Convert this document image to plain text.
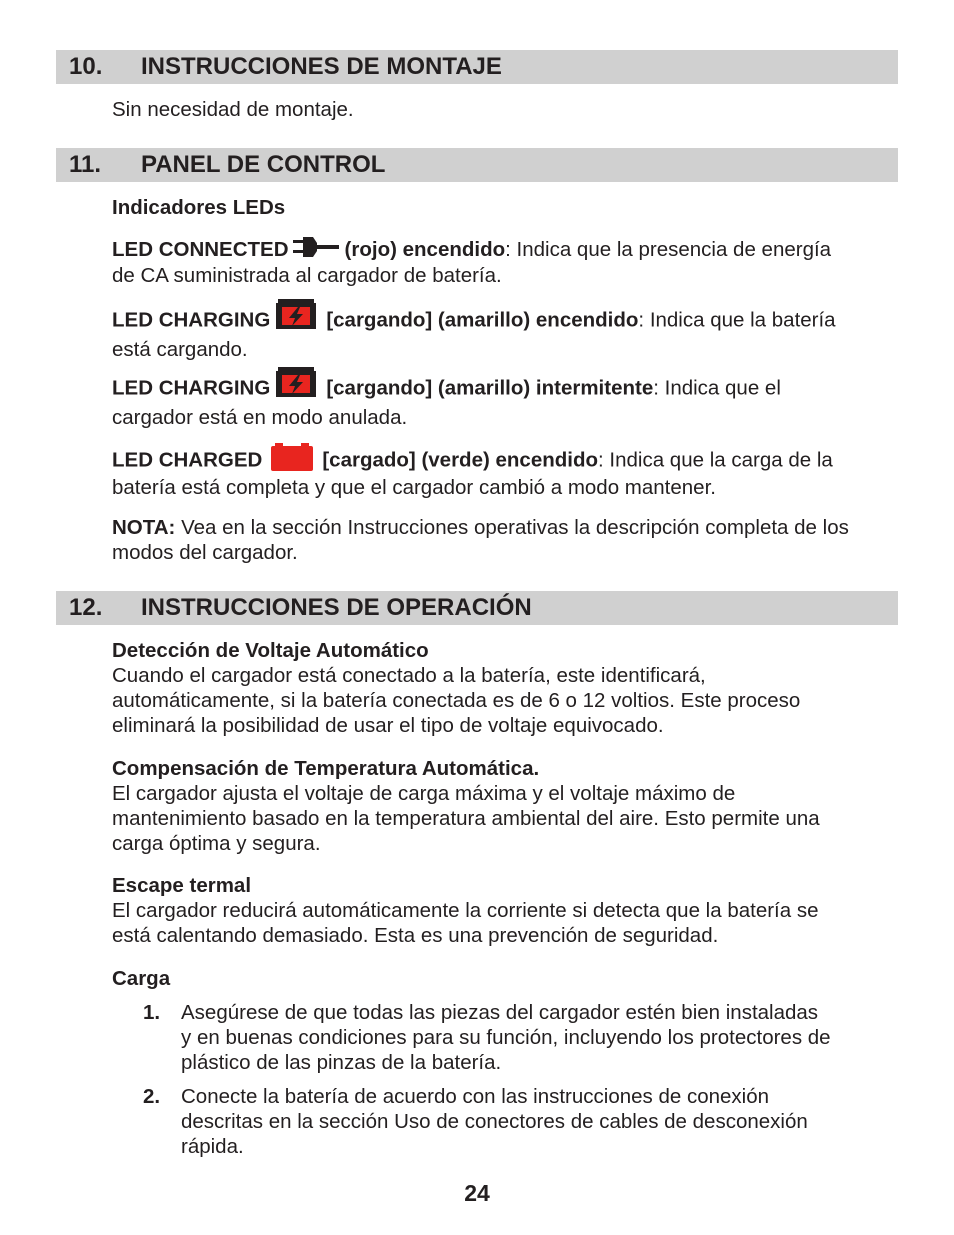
10. INSTRUCCIONES DE MONTAJE
Sin necesidad de montaje.
11. PANEL DE CONTROL
Indicadores LEDs
LED CONNECTED	(rojo) encendido: Indica que la presencia de energía
de CA suministrada al cargador de batería.
LED CHARGING	[cargando] (amarillo) encendido: Indica que la batería
está cargando.
LED CHARGING	[cargando] (amarillo) intermitente: Indica que el
cargador está en modo anulada.
LED CHARGED	[cargado] (verde) encendido: Indica que la carga de la
batería está completa y que el cargador cambió a modo mantener.
NOTA: Vea en la sección Instrucciones operativas la descripción completa de los
modos del cargador.
12. INSTRUCCIONES DE OPERACIÓN
Detección de Voltaje Automático
Cuando el cargador está conectado a la batería, este identificará,
automáticamente, si la batería conectada es de 6 o 12 voltios. Este proceso
eliminará la posibilidad de usar el tipo de voltaje equivocado.
Compensación de Temperatura Automática.
El cargador ajusta el voltaje de carga máxima y el voltaje máximo de
mantenimiento basado en la temperatura ambiental del aire. Esto permite una
carga óptima y segura.
Escape termal
El cargador reducirá automáticamente la corriente si detecta que la batería se
está calentando demasiado. Esta es una prevención de seguridad.
Carga
1. Asegúrese de que todas las piezas del cargador estén bien instaladas
y en buenas condiciones para su función, incluyendo los protectores de
plástico de las pinzas de la batería.
2. Conecte la batería de acuerdo con las instrucciones de conexión
descritas en la sección Uso de conectores de cables de desconexión
rápida.
24
